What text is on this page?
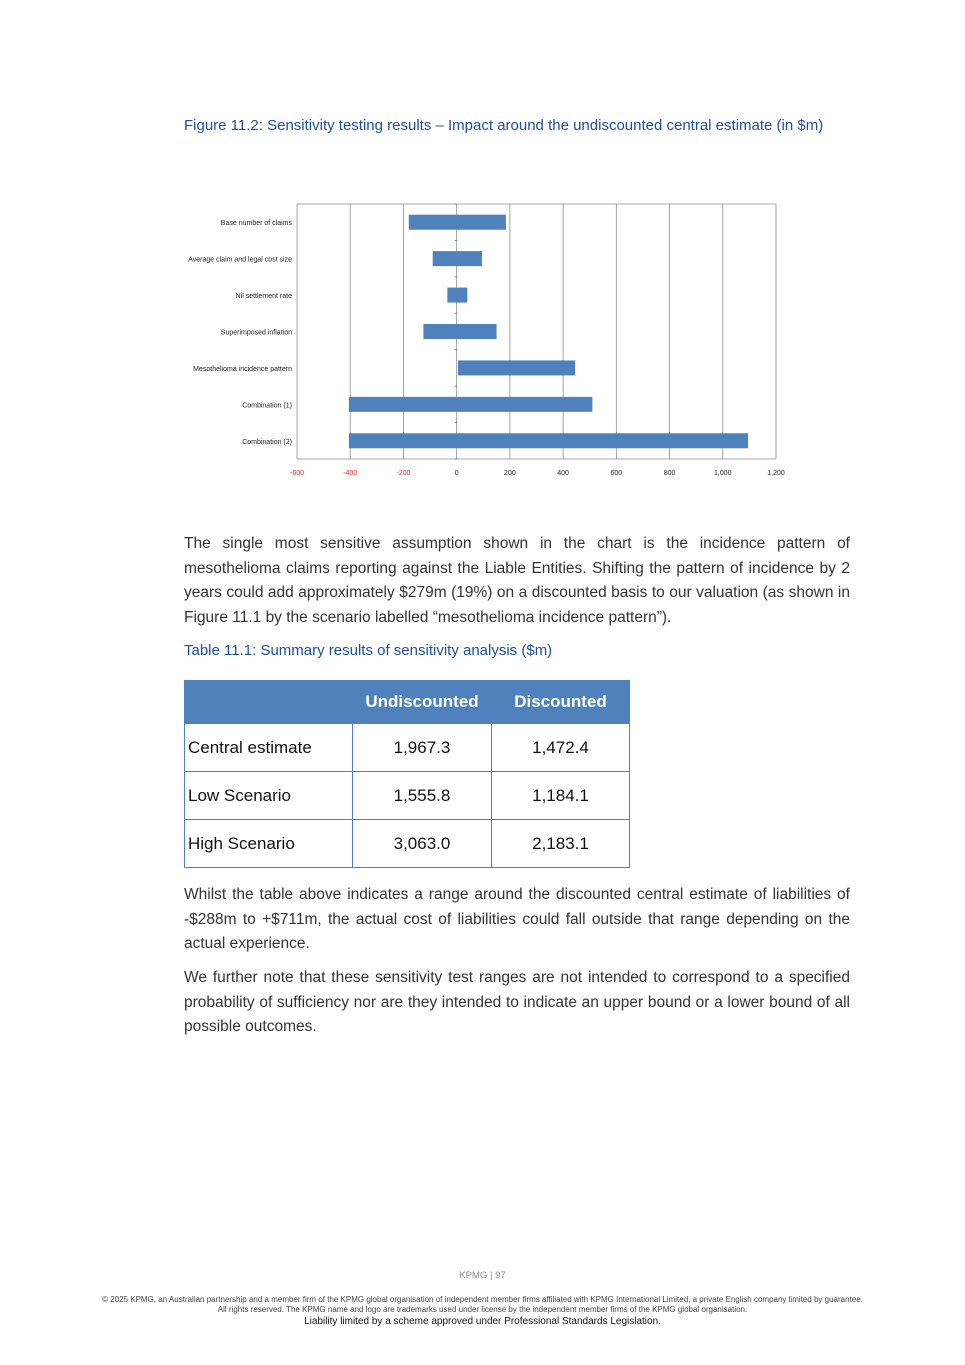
Figure 11.2: Sensitivity testing results – Impact around the undiscounted central estimate (in $m)
Base number of claims
Average claim and legal cost size
Nil settlement rate
Superimposed inflation
Mesothelioma incidence pattern
Combination (1)
Combination (2)
-600	-400	-200	0	200	400	600	800	1,000	1,200
The single most sensitive assumption shown in the chart is the incidence pattern of mesothelioma claims reporting against the Liable Entities. Shifting the pattern of incidence by 2 years could add approximately $279m (19%) on a discounted basis to our valuation (as shown in Figure 11.1 by the scenario labelled “mesothelioma incidence pattern”).
Table 11.1: Summary results of sensitivity analysis ($m)
	Undiscounted	Discounted
Central estimate	1,967.3	1,472.4
Low Scenario	1,555.8	1,184.1
High Scenario	3,063.0	2,183.1
Whilst the table above indicates a range around the discounted central estimate of liabilities of -$288m to +$711m, the actual cost of liabilities could fall outside that range depending on the actual experience.
We further note that these sensitivity test ranges are not intended to correspond to a specified probability of sufficiency nor are they intended to indicate an upper bound or a lower bound of all possible outcomes.
KPMG | 97
© 2025 KPMG, an Australian partnership and a member firm of the KPMG global organisation of independent member firms affiliated with KPMG International Limited, a private English company limited by guarantee. All rights reserved. The KPMG name and logo are trademarks used under license by the independent member firms of the KPMG global organisation.
Liability limited by a scheme approved under Professional Standards Legislation.
